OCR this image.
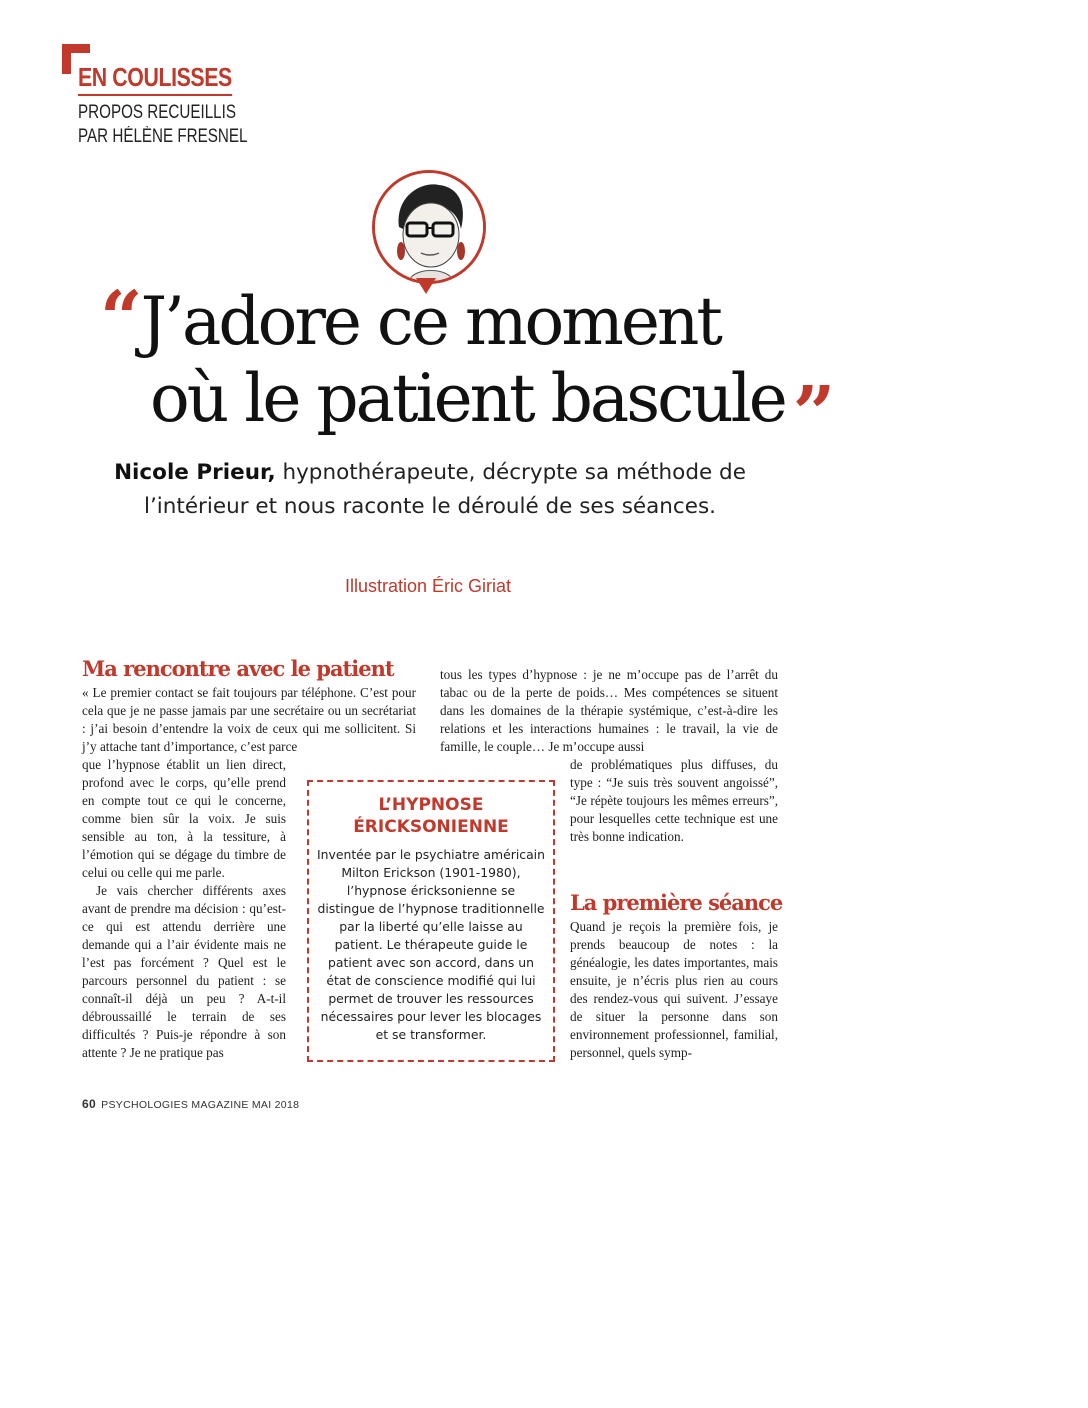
EN COULISSES
PROPOS RECUEILLIS
PAR HÉLÈNE FRESNEL
“J’adore ce moment
où le patient bascule ”
Nicole Prieur, hypnothérapeute, décrypte sa méthode de l’intérieur et nous raconte le déroulé de ses séances.
Illustration Éric Giriat
Ma rencontre avec le patient

« Le premier contact se fait toujours par téléphone. C’est pour cela que je ne passe jamais par une secrétaire ou un secrétariat : j’ai besoin d’entendre la voix de ceux qui me sollicitent. Si j’y attache tant d’importance, c’est parce

que l’hypnose établit un lien direct, profond avec le corps, qu’elle prend en compte tout ce qui le concerne, comme bien sûr la voix. Je suis sensible au ton, à la tessiture, à l’émotion qui se dégage du timbre de celui ou celle qui me parle.

Je vais chercher différents axes avant de prendre ma décision : qu’est-ce qui est attendu derrière une demande qui a l’air évidente mais ne l’est pas forcément ? Quel est le parcours personnel du patient : se connaît-il déjà un peu ? A-t-il débroussaillé le terrain de ses difficultés ? Puis-je répondre à son attente ? Je ne pratique pas

tous les types d’hypnose : je ne m’occupe pas de l’arrêt du tabac ou de la perte de poids… Mes compétences se situent dans les domaines de la thérapie systémique, c’est-à-dire les relations et les interactions humaines : le travail, la vie de famille, le couple… Je m’occupe aussi

de problématiques plus diffuses, du type : “Je suis très souvent angoissé”, “Je répète toujours les mêmes erreurs”, pour lesquelles cette technique est une très bonne indication.

L’HYPNOSE
ÉRICKSONIENNE
Inventée par le psychiatre américain Milton Erickson (1901-1980), l’hypnose éricksonienne se distingue de l’hypnose traditionnelle par la liberté qu’elle laisse au patient. Le thérapeute guide le patient avec son accord, dans un état de conscience modifié qui lui permet de trouver les ressources nécessaires pour lever les blocages et se transformer.
La première séance

Quand je reçois la première fois, je prends beaucoup de notes : la généalogie, les dates importantes, mais ensuite, je n’écris plus rien au cours des rendez-vous qui suivent. J’essaye de situer la personne dans son environnement professionnel, familial, personnel, quels symp-

60 PSYCHOLOGIES MAGAZINE MAI 2018
